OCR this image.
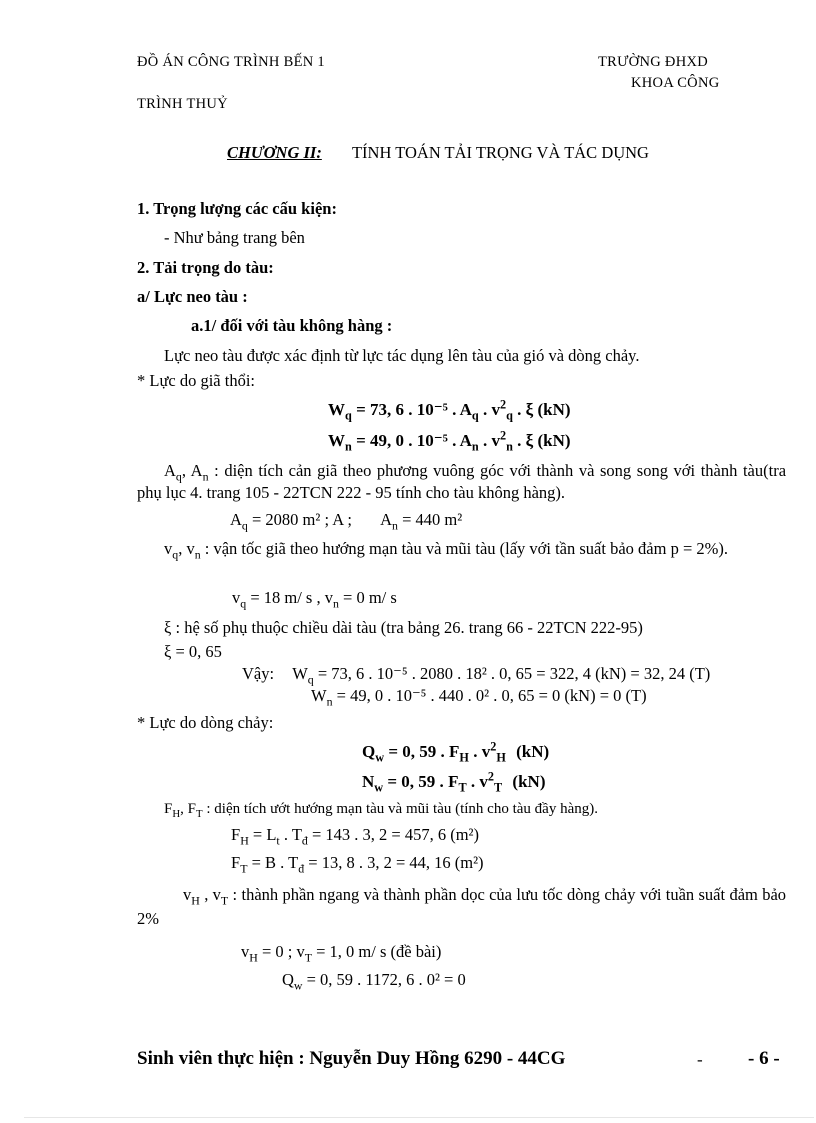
ĐỒ ÁN CÔNG TRÌNH BẾN 1
TRÌNH THUỶ
TRƯỜNG ĐHXD
KHOA CÔNG
CHƯƠNG II: TÍNH TOÁN TẢI TRỌNG VÀ TÁC DỤNG
1. Trọng lượng các cấu kiện:
- Như bảng trang bên
2. Tải trọng do tàu:
a/ Lực neo tàu :
a.1/ đối với tàu không hàng :
Lực neo tàu được xác định từ lực tác dụng lên tàu của gió và dòng chảy.
* Lực do giã thổi:
$W_q = 73$, 6 . 10⁻⁵ . $A_q$ . $v^2_q$ . ξ (kN)
$W_n = 49$, 0 . 10⁻⁵ . $A_n$ . $v^2_n$ . ξ (kN)
$A_q$, $A_n$ : diện tích cản giã theo phương vuông góc với thành và song song với thành tàu(tra phụ lục 4. trang 105 - 22TCN 222 - 95 tính cho tàu không hàng).
$A_q = 2080$ m² ; A ; $A_n = 440$ m²
$v_q$, $v_n$ : vận tốc giã theo hướng mạn tàu và mũi tàu (lấy với tần suất bảo đảm p = 2%).
$v_q = 18$ m/ s , $v_n = 0$ m/ s
ξ : hệ số phụ thuộc chiều dài tàu (tra bảng 26. trang 66 - 22TCN 222-95)
ξ = 0, 65
Vậy: $W_q = 73$, 6 . 10⁻⁵ . 2080 . 18² . 0, 65 = 322, 4 (kN) = 32, 24 (T)
$W_n = 49$, 0 . 10⁻⁵ . 440 . 0² . 0, 65 = 0 (kN) = 0 (T)
* Lực do dòng chảy:
$Q_w = 0$, 59 . $F_H$ . $v^2_H$ (kN)
$N_w = 0$, 59 . $F_T$ . $v^2_T$ (kN)
$F_H$, $F_T$ : diện tích ướt hướng mạn tàu và mũi tàu (tính cho tàu đầy hàng).
$F_H = L_t$ . $T_đ = 143$ . 3, 2 = 457, 6 (m²)
$F_T = B$ . $T_đ = 13$, 8 . 3, 2 = 44, 16 (m²)
$v_H$ , $v_T$ : thành phần ngang và thành phần dọc của lưu tốc dòng chảy với tuần suất đảm bảo 2%
$v_H = 0$ ; $v_T = 1$, 0 m/ s (đề bài)
$Q_w = 0$, 59 . 1172, 6 . 0² = 0
Sinh viên thực hiện : Nguyễn Duy Hồng 6290 - 44CG	- - 6 -
